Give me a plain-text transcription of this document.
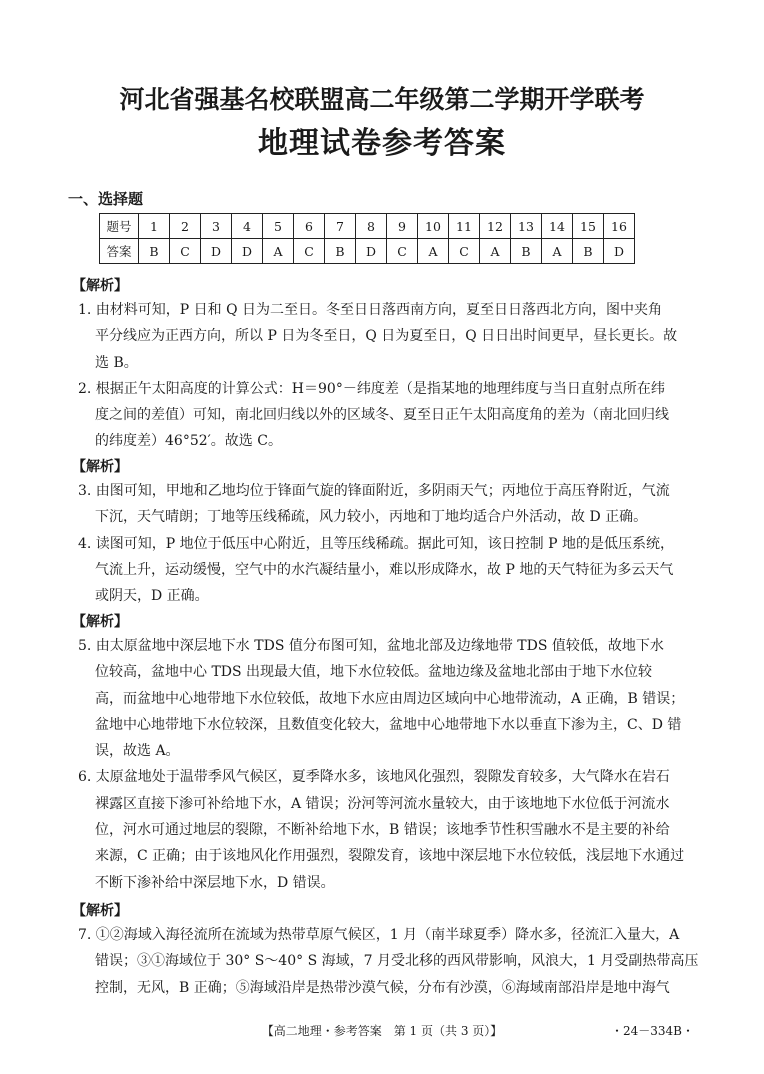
河北省强基名校联盟高二年级第二学期开学联考
地理试卷参考答案
一、选择题
题号	1	2	3	4	5	6	7	8	9	10	11	12	13	14	15	16
答案	B	C	D	D	A	C	B	D	C	A	C	A	B	A	B	D
【解析】
1. 由材料可知，P 日和 Q 日为二至日。冬至日日落西南方向，夏至日日落西北方向，图中夹角
平分线应为正西方向，所以 P 日为冬至日，Q 日为夏至日，Q 日日出时间更早，昼长更长。故
选 B。
2. 根据正午太阳高度的计算公式：H＝90°－纬度差（是指某地的地理纬度与当日直射点所在纬
度之间的差值）可知，南北回归线以外的区域冬、夏至日正午太阳高度角的差为（南北回归线
的纬度差）46°52′。故选 C。
【解析】
3. 由图可知，甲地和乙地均位于锋面气旋的锋面附近，多阴雨天气；丙地位于高压脊附近，气流
下沉，天气晴朗；丁地等压线稀疏，风力较小，丙地和丁地均适合户外活动，故 D 正确。
4. 读图可知，P 地位于低压中心附近，且等压线稀疏。据此可知，该日控制 P 地的是低压系统，
气流上升，运动缓慢，空气中的水汽凝结量小，难以形成降水，故 P 地的天气特征为多云天气
或阴天，D 正确。
【解析】
5. 由太原盆地中深层地下水 TDS 值分布图可知，盆地北部及边缘地带 TDS 值较低，故地下水
位较高，盆地中心 TDS 出现最大值，地下水位较低。盆地边缘及盆地北部由于地下水位较
高，而盆地中心地带地下水位较低，故地下水应由周边区域向中心地带流动，A 正确，B 错误；
盆地中心地带地下水位较深，且数值变化较大，盆地中心地带地下水以垂直下渗为主，C、D 错
误，故选 A。
6. 太原盆地处于温带季风气候区，夏季降水多，该地风化强烈，裂隙发育较多，大气降水在岩石
裸露区直接下渗可补给地下水，A 错误；汾河等河流水量较大，由于该地地下水位低于河流水
位，河水可通过地层的裂隙，不断补给地下水，B 错误；该地季节性积雪融水不是主要的补给
来源，C 正确；由于该地风化作用强烈，裂隙发育，该地中深层地下水位较低，浅层地下水通过
不断下渗补给中深层地下水，D 错误。
【解析】
7. ①②海域入海径流所在流域为热带草原气候区，1 月（南半球夏季）降水多，径流汇入量大，A
错误；③①海域位于 30° S～40° S 海域，7 月受北移的西风带影响，风浪大，1 月受副热带高压
控制，无风，B 正确；⑤海域沿岸是热带沙漠气候，分布有沙漠，⑥海域南部沿岸是地中海气
【高二地理・参考答案　第 1 页（共 3 页）】	・24－334B・
